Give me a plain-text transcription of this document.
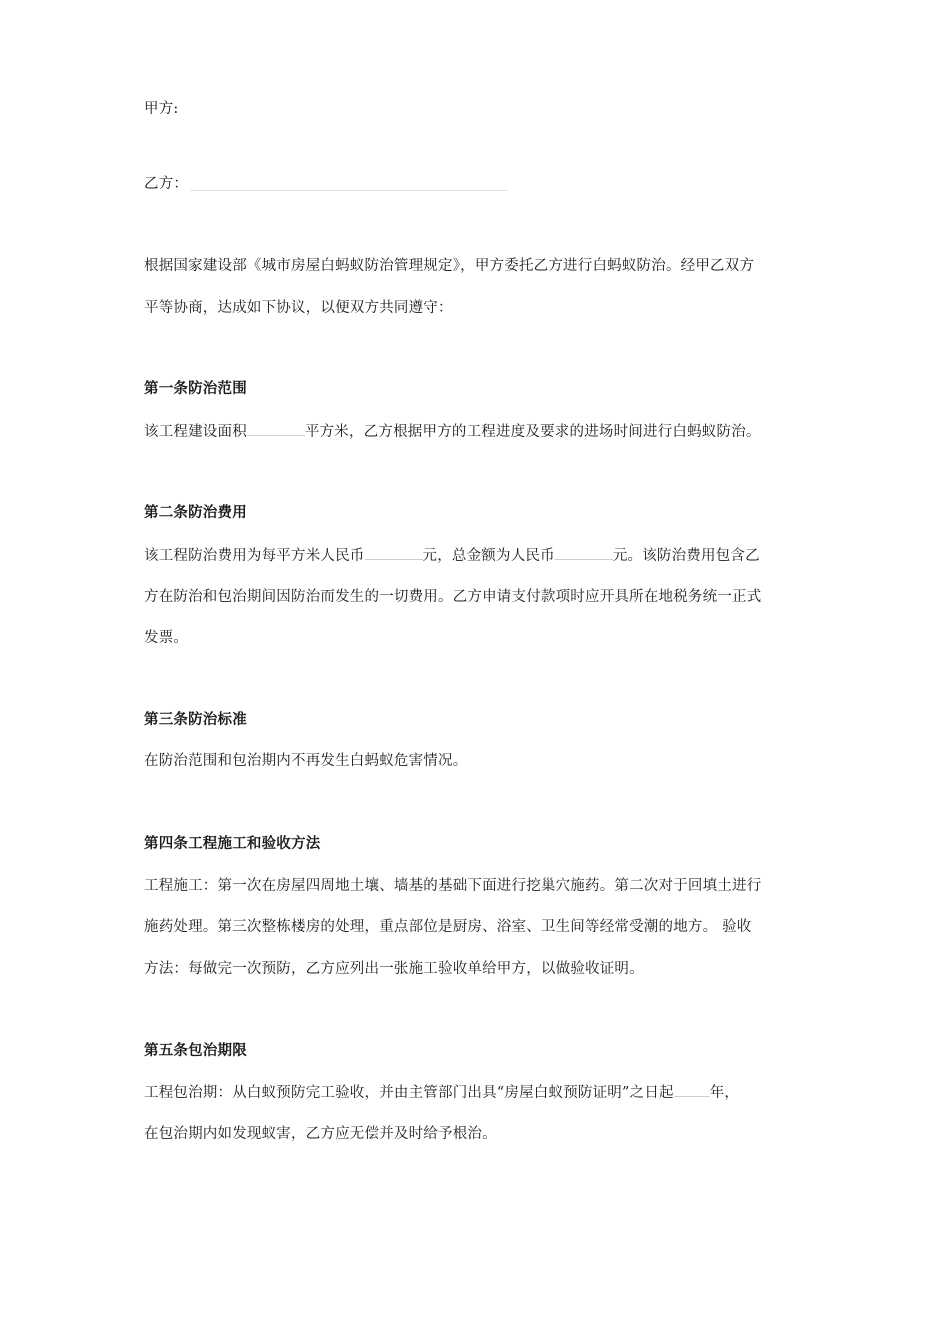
甲方:
乙方：
根据国家建设部《城市房屋白蚂蚁防治管理规定》，甲方委托乙方进行白蚂蚁防治。经甲乙双方
平等协商，达成如下协议，以便双方共同遵守：
第一条防治范围
该工程建设面积	平方米，乙方根据甲方的工程进度及要求的进场时间进行白蚂蚁防治。
第二条防治费用
该工程防治费用为每平方米人民币	元，总金额为人民币	元。该防治费用包含乙
方在防治和包治期间因防治而发生的一切费用。乙方申请支付款项时应开具所在地税务统一正式
发票。
第三条防治标准
在防治范围和包治期内不再发生白蚂蚁危害情况。
第四条工程施工和验收方法
工程施工：第一次在房屋四周地土壤、墙基的基础下面进行挖巢穴施药。第二次对于回填土进行
施药处理。第三次整栋楼房的处理，重点部位是厨房、浴室、卫生间等经常受潮的地方。 验收
方法：每做完一次预防，乙方应列出一张施工验收单给甲方，以做验收证明。
第五条包治期限
工程包治期：从白蚁预防完工验收，并由主管部门出具“房屋白蚁预防证明”之日起 年，
在包治期内如发现蚁害，乙方应无偿并及时给予根治。
